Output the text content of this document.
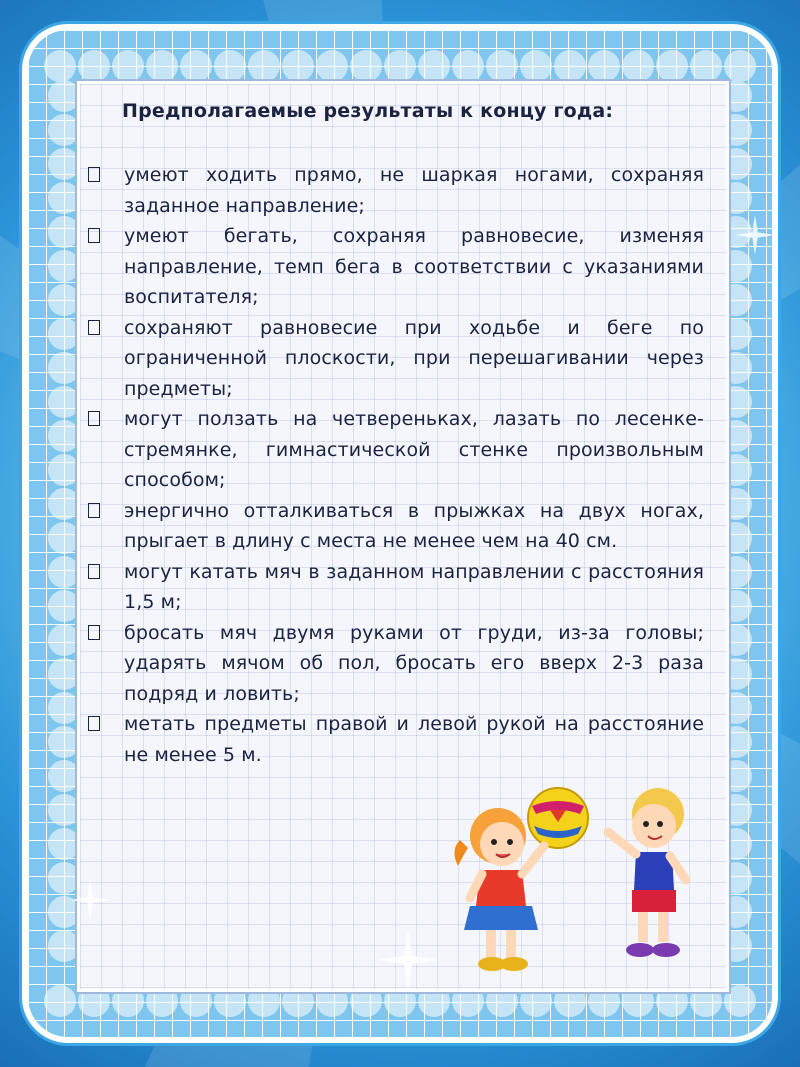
Предполагаемые результаты к концу года:
умеют ходить прямо, не шаркая ногами, сохраняя заданное направление;
умеют бегать, сохраняя равновесие, изменяя направление, темп бега в соответствии с указаниями воспитателя;
сохраняют равновесие при ходьбе и беге по ограниченной плоскости, при перешагивании через предметы;
могут ползать на четвереньках, лазать по лесенке-стремянке, гимнастической стенке произвольным способом;
энергично отталкиваться в прыжках на двух ногах, прыгает в длину с места не менее чем на 40 см.
могут катать мяч в заданном направлении с расстояния 1,5 м;
бросать мяч двумя руками от груди, из-за головы; ударять мячом об пол, бросать его вверх 2-3 раза подряд и ловить;
метать предметы правой и левой рукой на расстояние не менее 5 м.
